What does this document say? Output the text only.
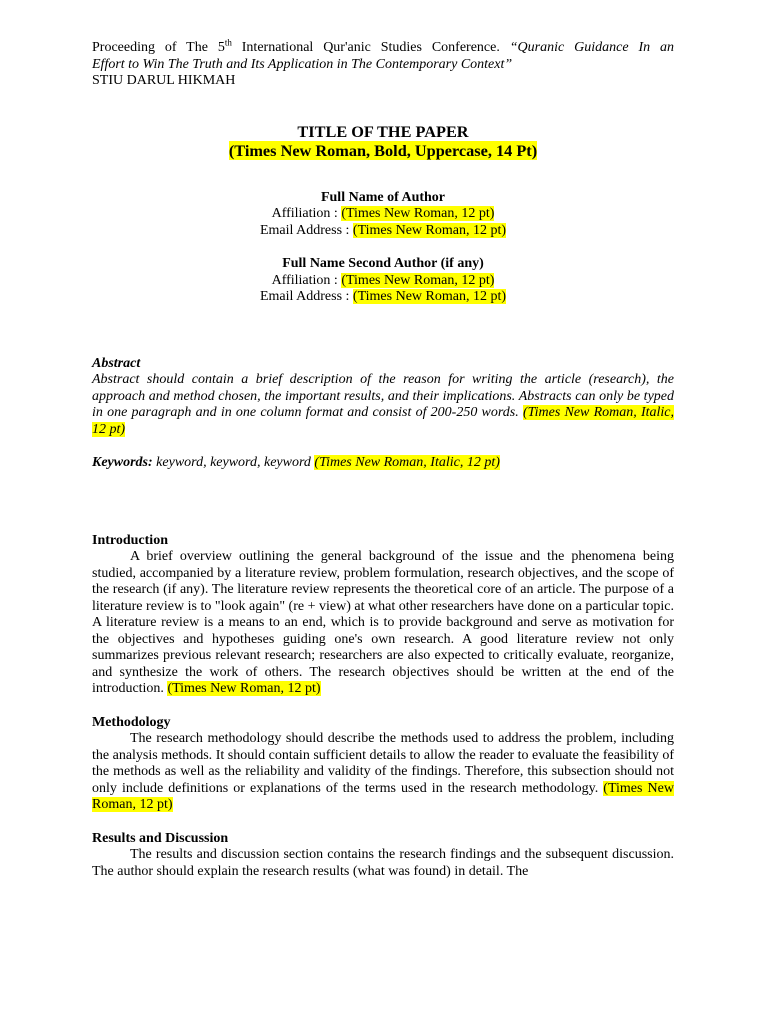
Proceeding of The 5th International Qur'anic Studies Conference. “Quranic Guidance In an

Effort to Win The Truth and Its Application in The Contemporary Context”

STIU DARUL HIKMAH

TITLE OF THE PAPER
(Times New Roman, Bold, Uppercase, 14 Pt)
Full Name of Author
Affiliation : (Times New Roman, 12 pt)
Email Address : (Times New Roman, 12 pt)
Full Name Second Author (if any)
Affiliation : (Times New Roman, 12 pt)
Email Address : (Times New Roman, 12 pt)
Abstract

Abstract should contain a brief description of the reason for writing the article (research), the approach and method chosen, the important results, and their implications. Abstracts can only be typed in one paragraph and in one column format and consist of 200-250 words. (Times New Roman, Italic, 12 pt)

Keywords: keyword, keyword, keyword (Times New Roman, Italic, 12 pt)
Introduction

A brief overview outlining the general background of the issue and the phenomena being studied, accompanied by a literature review, problem formulation, research objectives, and the scope of the research (if any). The literature review represents the theoretical core of an article. The purpose of a literature review is to "look again" (re + view) at what other researchers have done on a particular topic. A literature review is a means to an end, which is to provide background and serve as motivation for the objectives and hypotheses guiding one's own research. A good literature review not only summarizes previous relevant research; researchers are also expected to critically evaluate, reorganize, and synthesize the work of others. The research objectives should be written at the end of the introduction. (Times New Roman, 12 pt)

Methodology

The research methodology should describe the methods used to address the problem, including the analysis methods. It should contain sufficient details to allow the reader to evaluate the feasibility of the methods as well as the reliability and validity of the findings. Therefore, this subsection should not only include definitions or explanations of the terms used in the research methodology. (Times New Roman, 12 pt)

Results and Discussion

The results and discussion section contains the research findings and the subsequent discussion. The author should explain the research results (what was found) in detail. The
